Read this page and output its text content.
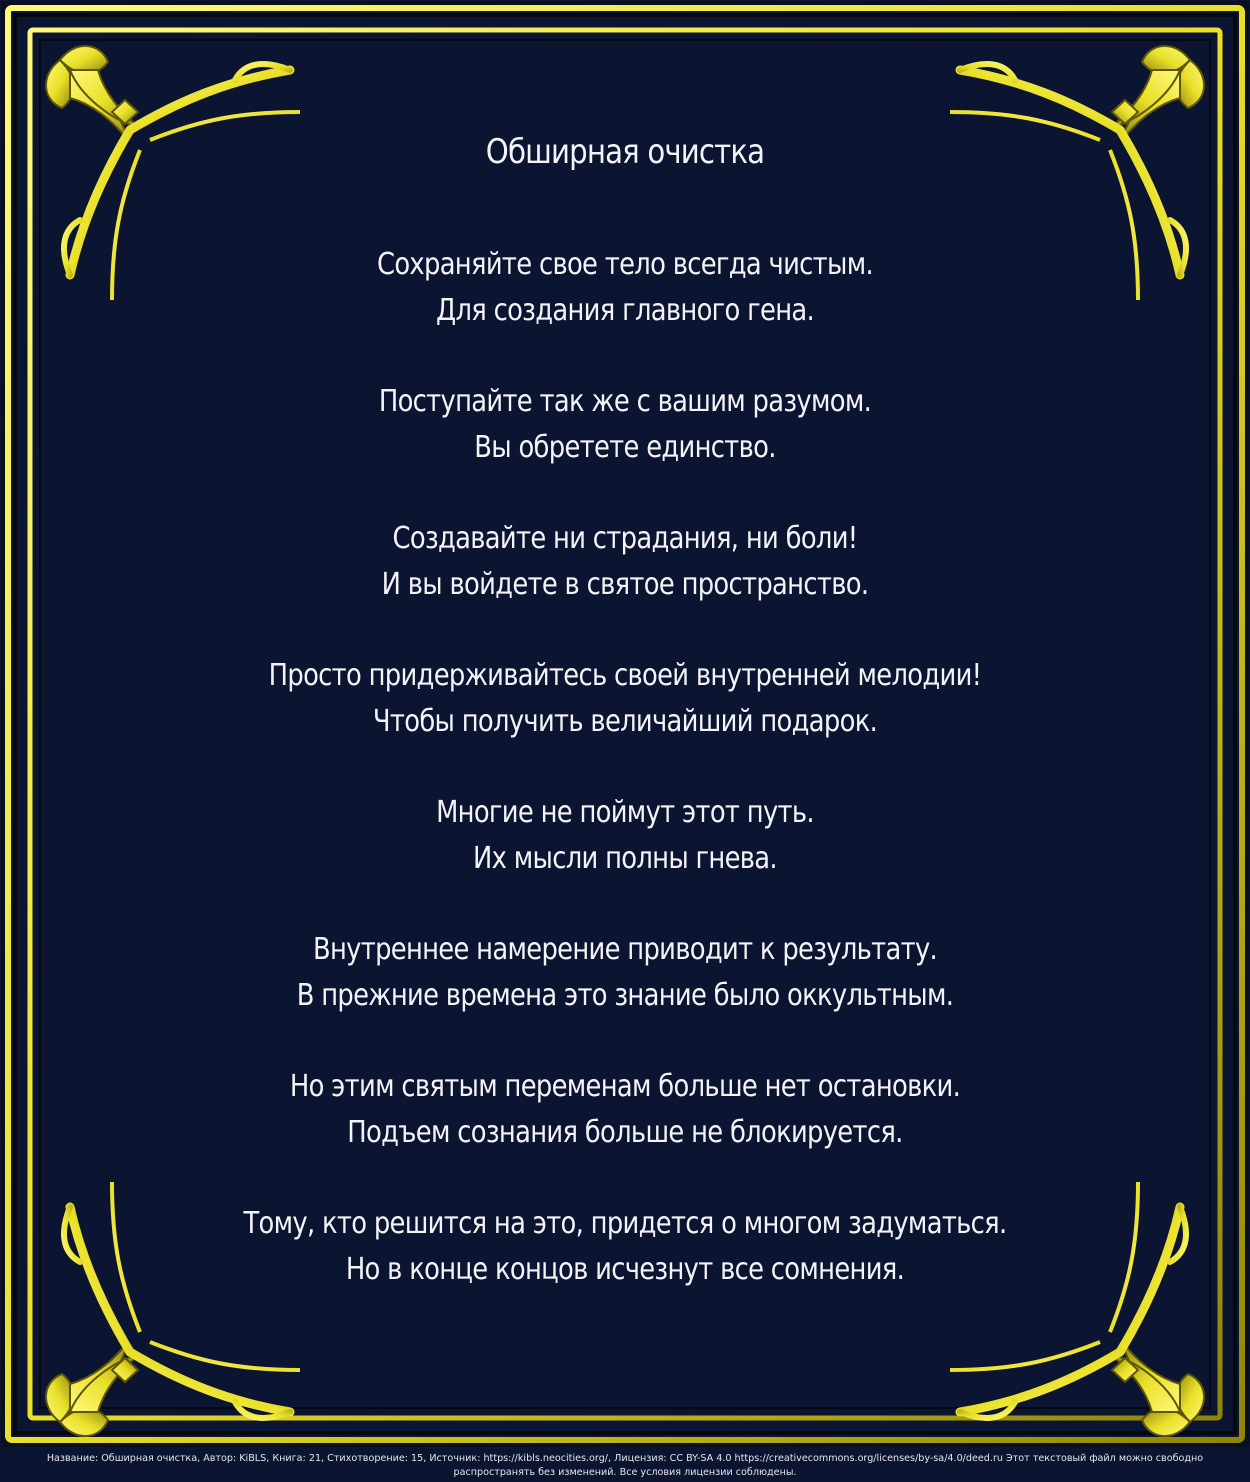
Обширная очистка
Сохраняйте свое тело всегда чистым.
Для создания главного гена.
Поступайте так же с вашим разумом.
Вы обретете единство.
Создавайте ни страдания, ни боли!
И вы войдете в святое пространство.
Просто придерживайтесь своей внутренней мелодии!
Чтобы получить величайший подарок.
Многие не поймут этот путь.
Их мысли полны гнева.
Внутреннее намерение приводит к результату.
В прежние времена это знание было оккультным.
Но этим святым переменам больше нет остановки.
Подъем сознания больше не блокируется.
Тому, кто решится на это, придется о многом задуматься.
Но в конце концов исчезнут все сомнения.
Название: Обширная очистка, Автор: KiBLS, Книга: 21, Стихотворение: 15, Источник: https://kibls.neocities.org/, Лицензия: CC BY-SA 4.0 https://creativecommons.org/licenses/by-sa/4.0/deed.ru Этот текстовый файл можно свободно
распространять без изменений. Все условия лицензии соблюдены.
